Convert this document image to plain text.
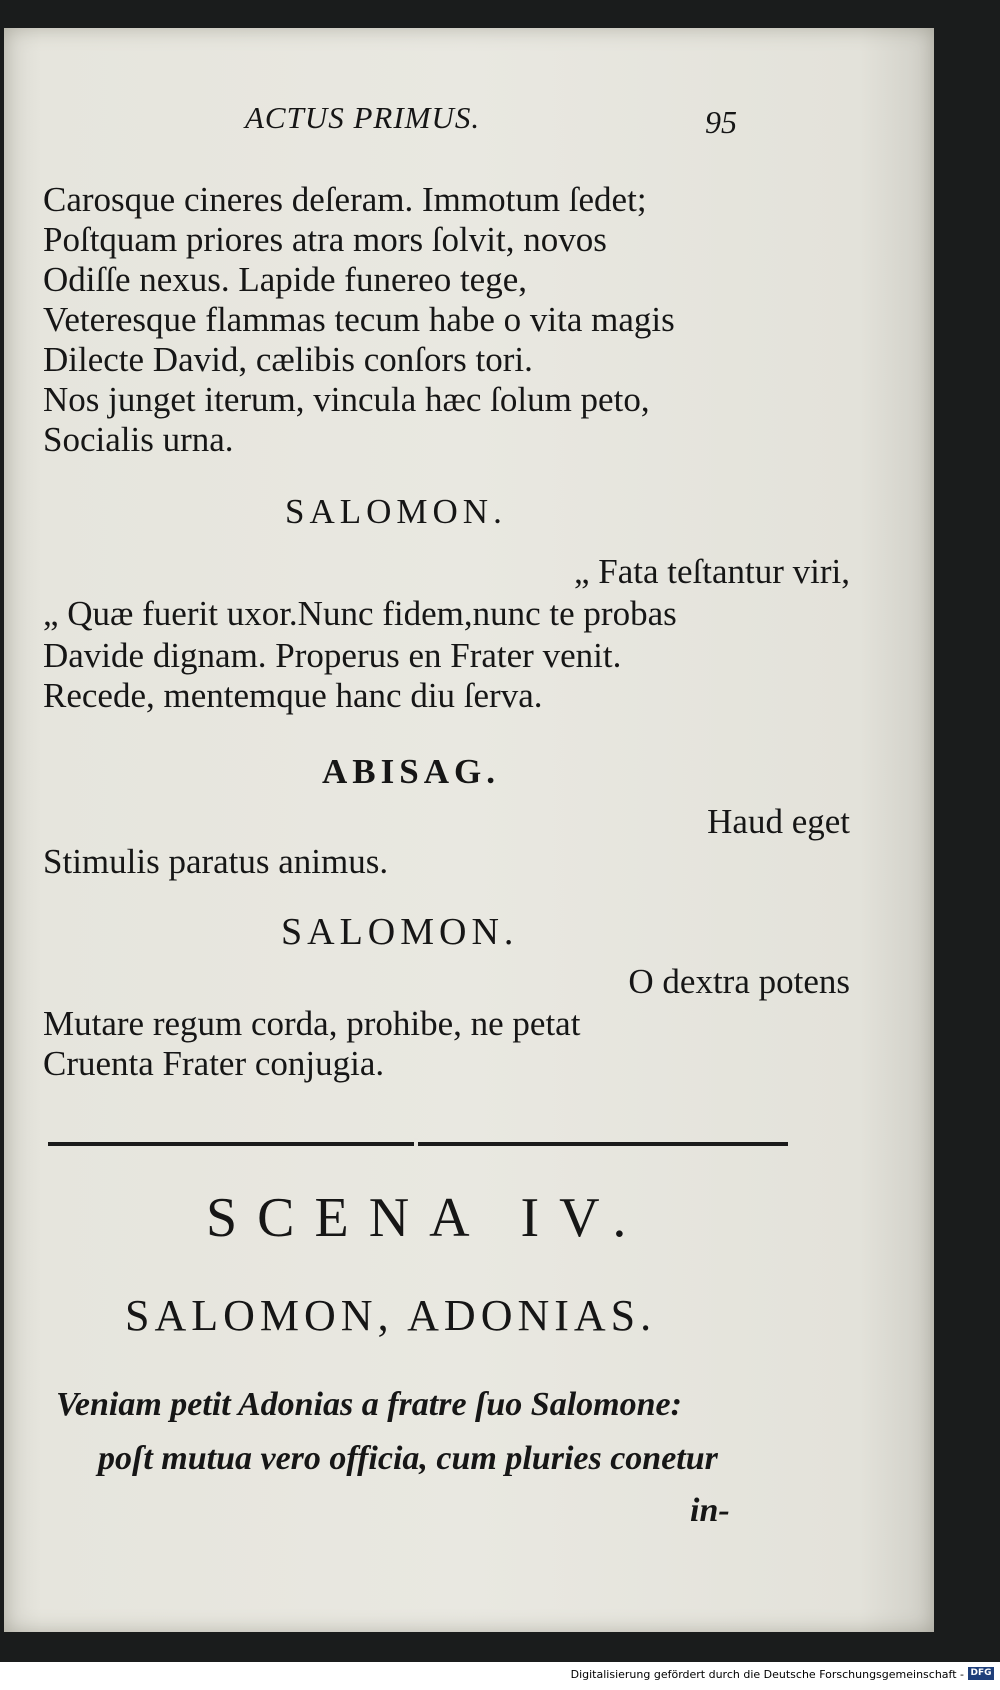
ACTUS PRIMUS.	95
Carosque cineres deſeram. Immotum ſedet;
Poſtquam priores atra mors ſolvit, novos
Odiſſe nexus. Lapide funereo tege,
Veteresque flammas tecum habe o vita magis
Dilecte David, cælibis conſors tori.
Nos junget iterum, vincula hæc ſolum peto,
Socialis urna.
SALOMON.
„ Fata teſtantur viri,
„ Quæ fuerit uxor.Nunc fidem,nunc te probas
Davide dignam. Properus en Frater venit.
Recede, mentemque hanc diu ſerva.
ABISAG.
Haud eget
Stimulis paratus animus.
SALOMON.
O dextra potens
Mutare regum corda, prohibe, ne petat
Cruenta Frater conjugia.
SCENA IV.
SALOMON, ADONIAS.
Veniam petit Adonias a fratre ſuo Salomone:
poſt mutua vero officia, cum pluries conetur
in-
Digitalisierung gefördert durch die Deutsche Forschungsgemeinschaft - DFG
